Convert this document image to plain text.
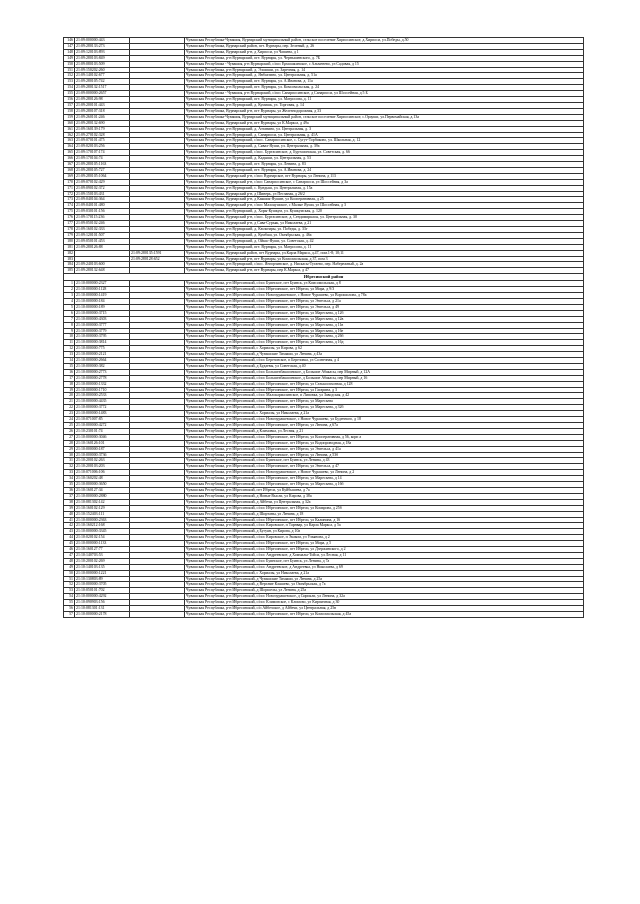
146	21:09:000000:443		Чувашская Республика-Чувашия, Вурнарский муниципальный район, сельское поселение Хирпосинское, д.Хирпоси, ул.Победы, д.50
147	21:09:280133:273		Чувашская Республика, Вурнарский район, пгт. Вурнары, пер. Зеленый, д. 26
148	21:09:120103:893		Чувашская Республика, Вурнарский р-н, д Хирпоси, ул Чапаева, д 1
149	21:09:280103:849		Чувашская Республика, р-н Вурнарский, пгт. Вурнары, ул. Чернышевского, д. 7Б
150	21:09:080103:509		Чувашская Республика - Чувашия, р-н Вурнарский, с/пос Ермошкинское, с Альменево, ул Садовая, д 15
151	21:09:150202:260		Чувашская Республика, р-н Вурнарский, д. Элшиши, ул. Заречная, д. 14
152	21:09:140102:677		Чувашская Республика, р-н Вурнарский, д. Янбахтино, ул. Центральная, д. 51а
153	21:09:280105:742		Чувашская Республика, р-н Вурнарский, пгт. Вурнары, ул. А.Иванова, д. 11а
154	21:09:280132:1517		Чувашская Республика, р-н Вурнарский, пгт. Вурнары, ул. Комсомольская, д. 24
155	21:09:000000:2657		Чувашская Республика - Чувашия, р-н Вурнарский, с/пос Санарпосинское, д Санарпоси, ул Шоссейная, д 5 Б
156	21:09:280126:98		Чувашская Республика, р-н Вурнарский, пгт. Вурнары, ул. Матросова, д. 11
157	21:09:200101:443		Чувашская Республика, р-н Вурнарский, д. Кумишк, ул. Торговая, д. 14
158	21:09:280107:318		Чувашская Республика, Вурнарский р-н, пгт Вурнары, ул Железнодорожная, д 33
159	21:09:260101:246		Чувашская Республика-Чувашия, Вурнарский муниципальный район, сельское поселение Хирпосинское, с.Орауши, ул.Первомайская, д.13а
160	21:09:280132:690		Чувашская Республика, Вурнарский р-н, пгт Вурнары, ул К.Маркса, д 49а
161	21:09:160139:179		Чувашская Республика, р-н Вурнарский, д. Азтанино, ул. Центральная, д. 3
162	21:09:270102:328		Чувашская Республика, р-н Вурнарский, д. Санарпоси, ул. Центральная, д. 41А
163	21:09:070101:475		Чувашская Республика, р-н Вурнарский, с/пос. Санарпосинское, с. Сугут-Торбиково, ул. Школьная, д. 12
164	21:09:020103:256		Чувашская Республика, р-н Вурнарский, д. Сявал-Яуши, ул. Центральная, д. 39а
165	21:09:170107:174		Чувашская Республика, р-н Вурнарский, с/пос. Буртасинское, д. Буртасинская, ул. Советская, д. 66
166	21:09:170104:74		Чувашская Республика, р-н Вурнарский, д. Кадыши, ул. Центральная, д. 53
167	21:09:280105:1163		Чувашская Республика, р-н Вурнарский, пгт. Вурнары, ул. Ленина, д. 83
168	21:09:280105:727		Чувашская Республика, р-н Вурнарский, пгт. Вурнары, ул. А.Иванова, д. 24
169	21:09:280105:1064		Чувашская Республика, Вурнарский р-н, с/пос Вурнарское, пгт Вурнары, ул Ленина, д 113
170	21:09:070102:429		Чувашская Республика, Вурнарский р-н, с/пос Санарпосинское, с Санарпоси, ул Шоссейная, д 3а
171	21:09:090102:372		Чувашская Республика, р-н Вурнарский, с. Кундыш, ул. Центральная, д. 15а
172	21:09:150103:431		Чувашская Республика, Вурнарский р-н, д Шинерь, ул Песчаная, д 26/2
173	21:09:040104:364		Чувашская Республика, Вурнарский р-н, д Какшик-Яушин, ул Кооперативная, д 25
174	21:09:040101:480		Чувашская Республика, Вурнарский р-н, с/пос Малояушское, с Малые Яуши, ул Шоссейная, д 3
175	21:09:030101:156		Чувашская Республика, р-н Вурнарский, д. Хоры-Кушкум, ул. Кушкумская, д. 120
176	21:09:170115:236		Чувашская Республика, Вурнарский р-н, с/пос. Буртасинское, д. Сендимиркасы, ул. Центральная, д. 30
177	21:09:050102:246		Чувашская Республика, Вурнарский р-н, д Сява-Сурьяк, ул Николаева, д 21
178	21:09:160102:333		Чувашская Республика, р-н Вурнарский, д. Кюльтиры, ул. Победы, д. 33г
179	21:09:120101:507		Чувашская Республика, р-н Вурнарский, д. Кумбаш, ул. Октябрьская, д. 46а
180	21:09:050101:453		Чувашская Республика, р-н Вурнарский, д. Ойкас-Яуши, ул. Советская, д. 42
181	21:09:280126:88		Чувашская Республика, р-н Вурнарский, пгт. Вурнары, ул. Матросова, д. 11
182		21:09:280135:1591	Чувашская Республика, Вурнарский район, пгт Вурнары, ул.Карла Маркса, д.47, пом.1-8; 10;11
183		21:09:280128:652	Чувашская Республика, Вурнарский р-н, пгт Вурнары, ул Комсомольская, д 37, пом 3
184	21:09:240103:600		Чувашская Республика, р-н Вурнарский, с/пос. Янгорчинское, д. Нискасы-Тугаево, пер. Набережный, д. 2а
185	21:09:280132:648		Чувашская Республика, Вурнарский р-н, пгт Вурнары, пер К.Маркса, д 47
Ибресинский район			
1	21:10:000000:2327		Чувашская Республика, р-н Ибресинский, с/пос Буинское, пгт Буинск, ул Комсомольская, д 8
2	21:10:000000:1128		Чувашская Республика, р-н Ибресинский, с/пос Ибресинское, пгт Ибреси, ул Мира, д 9/3
3	21:10:000000:1419		Чувашская Республика, р-н Ибресинский, с/пос Новочурашевское, с Новое Чурашево, ул Ворошилова, д 78а
4	21:10:000000:184		Чувашская Республика, р-н Ибресинский, с/пос Ибресинское, пгт Ибреси, ул Энгельса, д 21а
5	21:10:000000:189		Чувашская Республика, р-н Ибресинский, с/пос Ибресинское, пгт Ибреси, ул Энгельса, д 49
6	21:10:000000:3715		Чувашская Республика, р-н Ибресинский, с/пос Ибресинское, пгт Ибреси, ул Маресьева, д 12б
7	21:10:000000:4303		Чувашская Республика, р-н Ибресинский, с/пос Ибресинское, пгт Ибреси, ул Маресьева, д 12в
8	21:10:000000:3777		Чувашская Республика, р-н Ибресинский, с/пос Ибресинское, пгт Ибреси, ул Маресьева, д 11в
9	21:10:000000:3779		Чувашская Республика, р-н Ибресинский, с/пос Ибресинское, пгт Ибреси, ул Маресьева, д 16е
10	21:10:000000:3795		Чувашская Республика, р-н Ибресинский, с/пос Ибресинское, пгт Ибреси, ул Маресьева, д 26б
11	21:10:000000:3814		Чувашская Республика, р-н Ибресинский, с/пос Ибресинское, пгт Ибреси, ул Маресьева, д 16д
12	21:10:000000:775		Чувашская Республика, р-н Ибресинский, с Хормалы, ул Кирова, д 62
13	21:10:000000:2121		Чувашская Республика, р-н Ибресинский, д Чувашские Тимяши, ул Ленина, д 43а
14	21:10:000000:2664		Чувашская Республика, р-н Ибресинский, с/пос Березовское, п Березовка, ул Солнечная, д 4
15	21:10:000000:382		Чувашская Республика, р-н Ибресинский, д Будаевы, ул Советская, д 40
16	21:10:000000:2773		Чувашская Республика, р-н Ибресинский, с/пос Большеабакасинское, д Большие Абакасы, пер Мирный, д 12А
17	21:10:000000:2778		Чувашская Республика, р-н Ибресинский, с/пос Большеабакасинское, д Большие Абакасы, пер Мирный, д 16
18	21:10:000000:1332		Чувашская Республика, р-н Ибресинский, с/пос Ибресинское, пгт Ибреси, ул Селькоопхозная, д 128
19	21:10:000000:1710		Чувашская Республика, р-н Ибресинский, с/пос Ибресинское, пгт Ибреси, ул Гагарина, д 3
20	21:10:000000:2533		Чувашская Республика, р-н Ибресинский, с/пос Малокармалинское, п Липовка, ул Заводская, д 42
21	21:10:000000:4435		Чувашская Республика, р-н Ибресинский, с/пос Ибресинское, пгт Ибреси, ул Маресьева
22	21:10:000000:3772		Чувашская Республика, р-н Ибресинский, с/пос Ибресинское, пгт Ибреси, ул Маресьева, д 32б
23	21:10:000000:1483		Чувашская Республика, р-н Ибресинский, с Хормалы, ул Николаева, д 21а
24	21:10:071007:85		Чувашская Республика, р-н Ибресинский, с/пос Новочурашевское, с Новое Чурашево, ул Буденного, д 18
25	21:10:000000:4272		Чувашская Республика, р-н Ибресинский, с/пос Ибресинское, пгт Ибреси, ул Ленина, д 67а
26	21:10:230101:74		Чувашская Республика, р-н Ибресинский, д Климовка, ул Лесная, д 21
27	21:10:000000:3046		Чувашская Республика, р-н Ибресинский, с/пос Ибресинское, пгт Ибреси, ул Кооперативная, д 56, корп а
28	21:10:160126:101		Чувашская Республика, р-н Ибресинский, с/пос Ибресинское, пгт Ибреси, ул Водопроводная, д 18а
29	21:10:000000:187		Чувашская Республика, р-н Ибресинский, с/пос Ибресинское, пгт Ибреси, ул Энгельса, д 41а
30	21:10:000000:3736		Чувашская Республика, р-н Ибресинский, с/пос Ибресинское, пгт Ибреси, ул Ленина, д 53б
31	21:10:200102:263		Чувашская Республика, р-н Ибресинский, с/пос Буинское, пгт Буинск, ул Ленина, д 43
32	21:10:200103:203		Чувашская Республика, р-н Ибресинский, с/пос Ибресинское, пгт Ибреси, ул Энгельса, д 47
33	21:10:071006:106		Чувашская Республика, р-н Ибресинский, с/пос Новочурашевское, с Новое Чурашево, ул Ленина, д 2
34	21:10:160202:48		Чувашская Республика, р-н Ибресинский, с/пос Ибресинское, пгт Ибреси, ул Маресьева, д 14
35	21:10:000000:3650		Чувашская Республика, р-н Ибресинский, с/пос Ибресинское, пгт Ибреси, ул Маресьева, д 16б
36	21:10:160127:34		Чувашская Республика, р-н Ибресинский, пгт Ибреси, ул Куйбышева, д 7а
37	21:10:000000:2880		Чувашская Республика, р-н Ибресинский, д Новые Высли, ул Кирова, д 38а
38	21:10:081302:142		Чувашская Республика, р-н Ибресинский, д Айбечи, ул Центральная, д 32а
39	21:10:160102:129		Чувашская Республика, р-н Ибресинский, с/пос Ибресинское, пгт Ибреси, ул Комарова, д 25б
40	21:10:152403:111		Чувашская Республика, р-н Ибресинский, д Ширтаны, ул Ленина, д 18
41	21:10:000000:2363		Чувашская Республика, р-н Ибресинский, с/пос Ибресинское, пгт Ибреси, ул Калинина, д 16
42	21:10:160212:168		Чувашская Республика, р-н Ибресинский, с/пос Кировское, п Тарнвар, ул Карла Маркса, д 5а
43	21:10:000000:3345		Чувашская Республика, р-н Ибресинский, д Бугуян, ул Кирова, д 10а
44	21:10:020102:154		Чувашская Республика, р-н Ибресинский, с/пос Кировское, п Экаком, ул Ульянова, д 2
45	21:10:000000:1133		Чувашская Республика, р-н Ибресинский, с/пос Ибресинское, пгт Ибреси, ул Мира, д 5
46	21:10:160127:77		Чувашская Республика, р-н Ибресинский, с/пос Ибресинское, пгт Ибреси, ул Дзержинского, д 2
47	21:10:140703:53		Чувашская Республика, р-н Ибресинский, с/пос Андреевское, д Хоммалы-Тойси, ул Лесная, д 11
48	21:10:200102:269		Чувашская Республика, р-н Ибресинский, с/пос Буинское, пгт Буинск, ул Ленина, д 7а
49	21:10:140103:135		Чувашская Республика, р-н Ибресинский, с/пос Андреевское, д Андреевка, ул Николаева, д 69
50	21:10:000000:1221		Чувашская Республика, р-н Ибресинский, с Хормалы, ул Николаева, д 21а
51	21:10:130803:89		Чувашская Республика, р-н Ибресинский, д Чувашские Тимяши, ул Ленина, д 25а
52	21:10:000000:3705		Чувашская Республика, р-н Ибресинский, д Верхние Кляшево, ул Октябрьская, д 7а
53	21:10:050101:702		Чувашская Республика, р-н Ибресинский, д Шоршелы, ул Ленина, д 25а
54	21:10:000000:4292		Чувашская Республика, р-н Ибресинский, с/пос Новочурашевское, д Сирикли, ул Ленина, д 32а
55	21:10:090903:156		Чувашская Республика, р-н Ибресинский, с/пос Климовское, с Климово, ул Кирпичная, д 30
56	21:10:081301:131		Чувашская Республика, р-н Ибресинский, с/п Айбечское, д Айбечи, ул Центральная, д 25в
57	21:10:000000:2178		Чувашская Республика, р-н Ибресинский, с/пос Ибресинское, пгт Ибреси, ул Комсомольская, д 45а
